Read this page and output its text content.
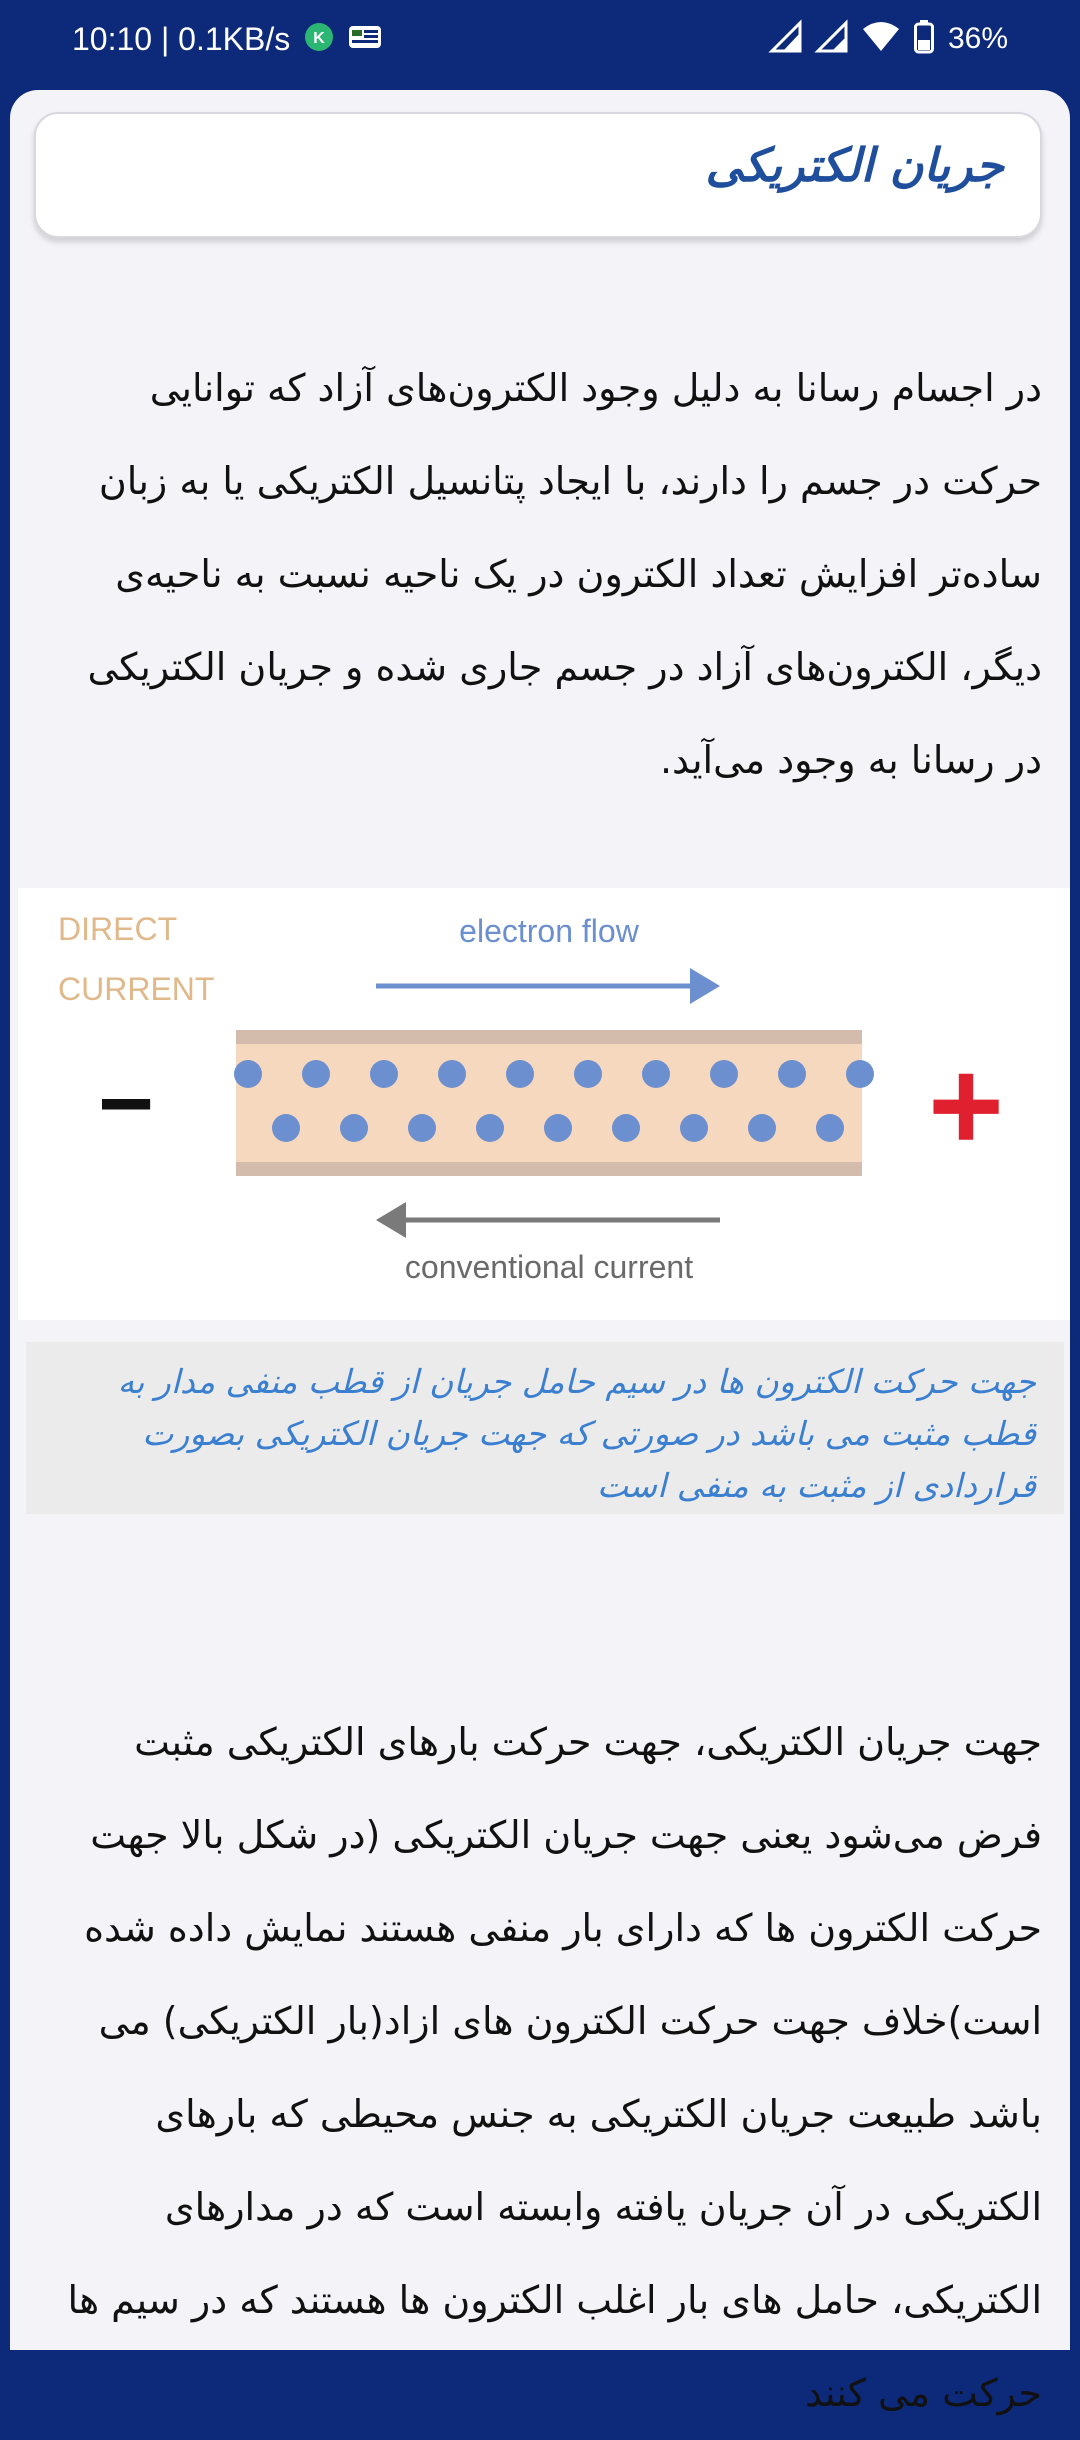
10:10 | 0.1KB/s K	36%
جریان الکتریکی
در اجسام رسانا به دلیل وجود الکترون‌های آزاد که توانایی حرکت در جسم را دارند، با ایجاد پتانسیل الکتریکی یا به زبان ساده‌تر افزایش تعداد الکترون در یک ناحیه نسبت به ناحیه‌ی دیگر، الکترون‌های آزاد در جسم جاری شده و جریان الکتریکی در رسانا به وجود می‌آید.
DIRECT
CURRENT
electron flow
−	+
conventional current
جهت حرکت الکترون ها در سیم حامل جریان از قطب منفی مدار به قطب مثبت می باشد در صورتی که جهت جریان الکتریکی بصورت قراردادی از مثبت به منفی است
جهت جریان الکتریکی، جهت حرکت بارهای الکتریکی مثبت فرض می‌شود یعنی جهت جریان الکتریکی (در شکل بالا جهت حرکت الکترون ها که دارای بار منفی هستند نمایش داده شده است)خلاف جهت حرکت الکترون های ازاد(بار الکتریکی) می باشد طبیعت جریان الکتریکی به جنس محیطی که بارهای الکتریکی در آن جریان یافته وابسته است که در مدارهای الکتریکی، حامل های بار اغلب الکترون ها هستند که در سیم ها حرکت می کنند
